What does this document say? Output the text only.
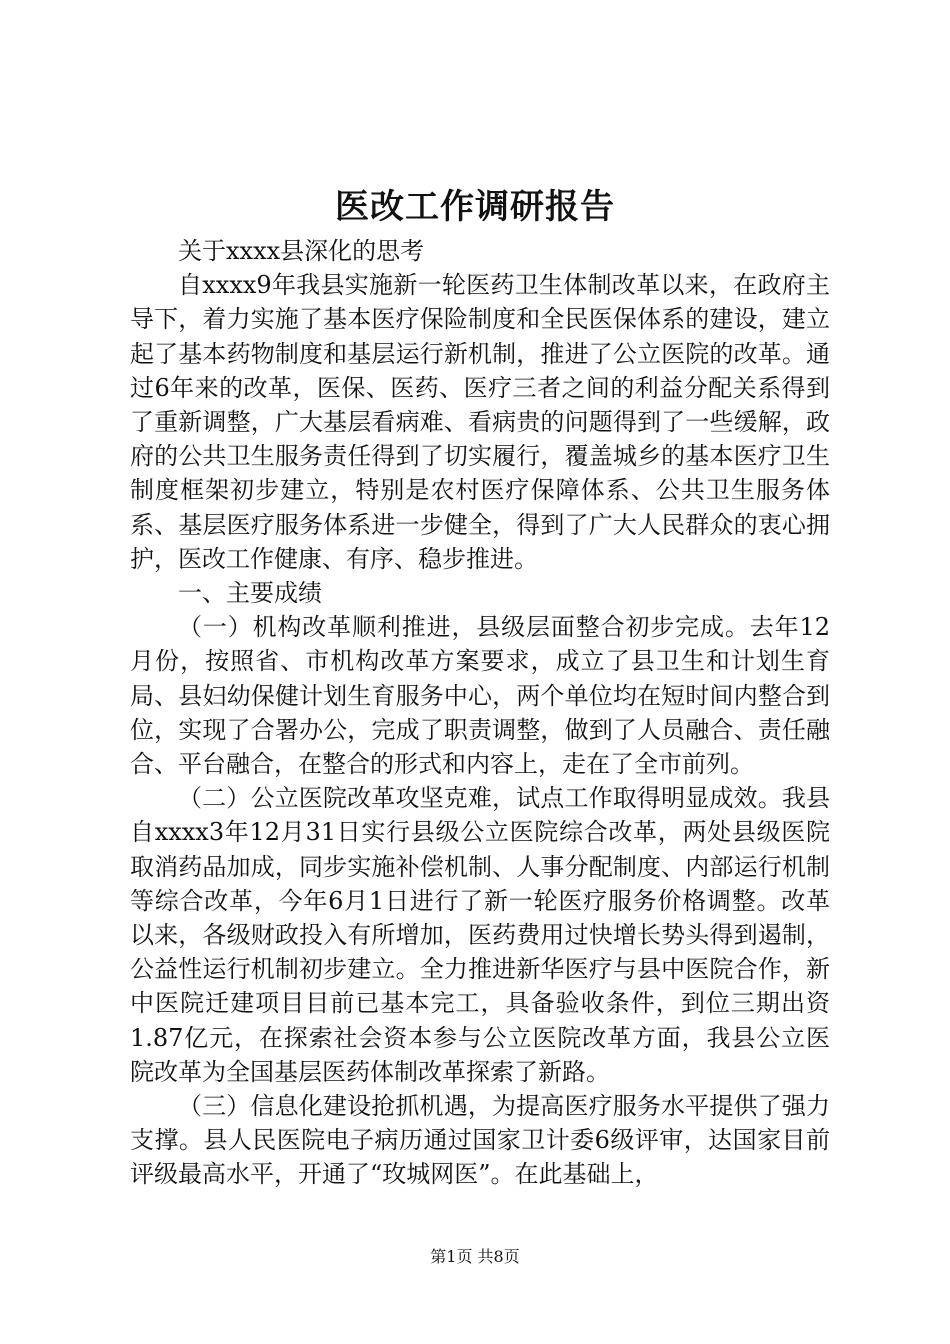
医改工作调研报告

关于xxxx县深化的思考

自xxxx9年我县实施新一轮医药卫生体制改革以来，在政府主导下，着力实施了基本医疗保险制度和全民医保体系的建设，建立起了基本药物制度和基层运行新机制，推进了公立医院的改革。通过6年来的改革，医保、医药、医疗三者之间的利益分配关系得到了重新调整，广大基层看病难、看病贵的问题得到了一些缓解，政府的公共卫生服务责任得到了切实履行，覆盖城乡的基本医疗卫生制度框架初步建立，特别是农村医疗保障体系、公共卫生服务体系、基层医疗服务体系进一步健全，得到了广大人民群众的衷心拥护，医改工作健康、有序、稳步推进。

一、主要成绩

（一）机构改革顺利推进，县级层面整合初步完成。去年12月份，按照省、市机构改革方案要求，成立了县卫生和计划生育局、县妇幼保健计划生育服务中心，两个单位均在短时间内整合到位，实现了合署办公，完成了职责调整，做到了人员融合、责任融合、平台融合，在整合的形式和内容上，走在了全市前列。

（二）公立医院改革攻坚克难，试点工作取得明显成效。我县自xxxx3年12月31日实行县级公立医院综合改革，两处县级医院取消药品加成，同步实施补偿机制、人事分配制度、内部运行机制等综合改革，今年6月1日进行了新一轮医疗服务价格调整。改革以来，各级财政投入有所增加，医药费用过快增长势头得到遏制，公益性运行机制初步建立。全力推进新华医疗与县中医院合作，新中医院迁建项目目前已基本完工，具备验收条件，到位三期出资1.87亿元，在探索社会资本参与公立医院改革方面，我县公立医院改革为全国基层医药体制改革探索了新路。

（三）信息化建设抢抓机遇，为提高医疗服务水平提供了强力支撑。县人民医院电子病历通过国家卫计委6级评审，达国家目前评级最高水平，开通了“玫城网医”。在此基础上，

第1页 共8页
